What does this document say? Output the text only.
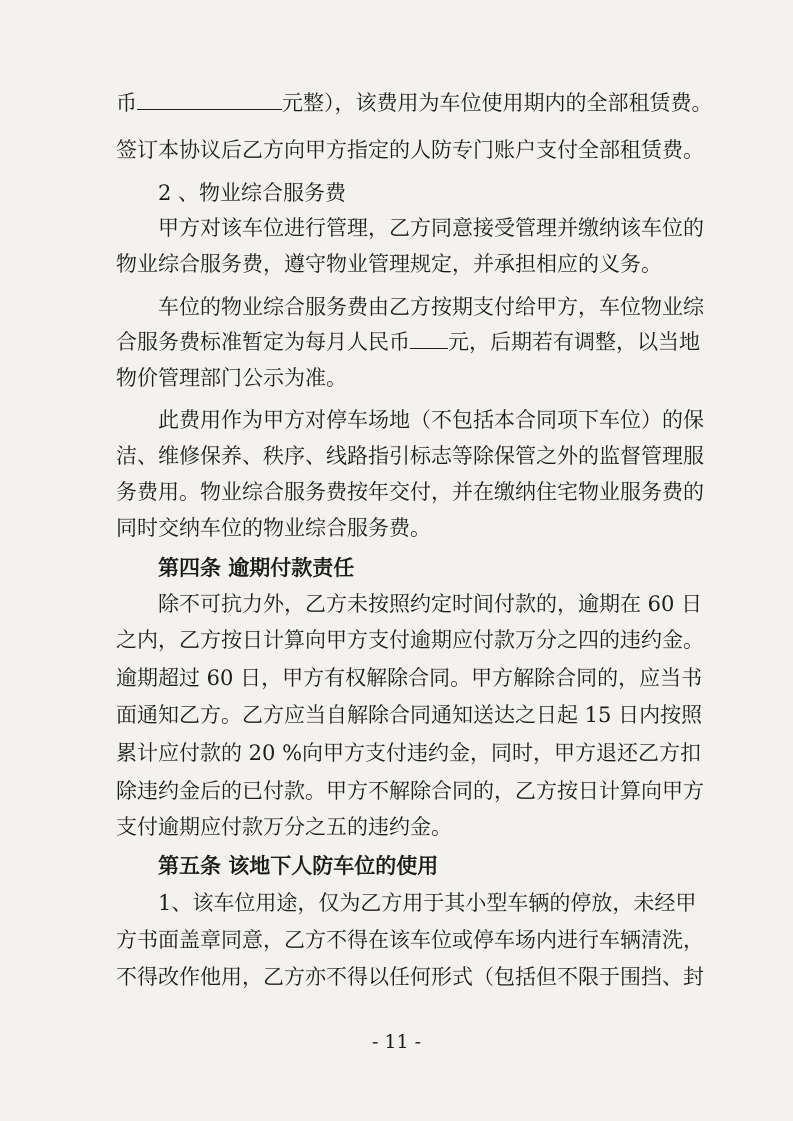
币	元整），该费用为车位使用期内的全部租赁费。
签订本协议后乙方向甲方指定的人防专门账户支付全部租赁费。
2 、物业综合服务费
甲方对该车位进行管理，乙方同意接受管理并缴纳该车位的
物业综合服务费，遵守物业管理规定，并承担相应的义务。
车位的物业综合服务费由乙方按期支付给甲方，车位物业综
合服务费标准暂定为每月人民币 元，后期若有调整，以当地
物价管理部门公示为准。
此费用作为甲方对停车场地（不包括本合同项下车位）的保
洁、维修保养、秩序、线路指引标志等除保管之外的监督管理服
务费用。物业综合服务费按年交付，并在缴纳住宅物业服务费的
同时交纳车位的物业综合服务费。
第四条 逾期付款责任
除不可抗力外，乙方未按照约定时间付款的，逾期在 60 日
之内，乙方按日计算向甲方支付逾期应付款万分之四的违约金。
逾期超过 60 日，甲方有权解除合同。甲方解除合同的，应当书
面通知乙方。乙方应当自解除合同通知送达之日起 15 日内按照
累计应付款的 20 %向甲方支付违约金，同时，甲方退还乙方扣
除违约金后的已付款。甲方不解除合同的，乙方按日计算向甲方
支付逾期应付款万分之五的违约金。
第五条 该地下人防车位的使用
1、该车位用途，仅为乙方用于其小型车辆的停放，未经甲
方书面盖章同意，乙方不得在该车位或停车场内进行车辆清洗，
不得改作他用，乙方亦不得以任何形式（包括但不限于围挡、封
- 11 -
